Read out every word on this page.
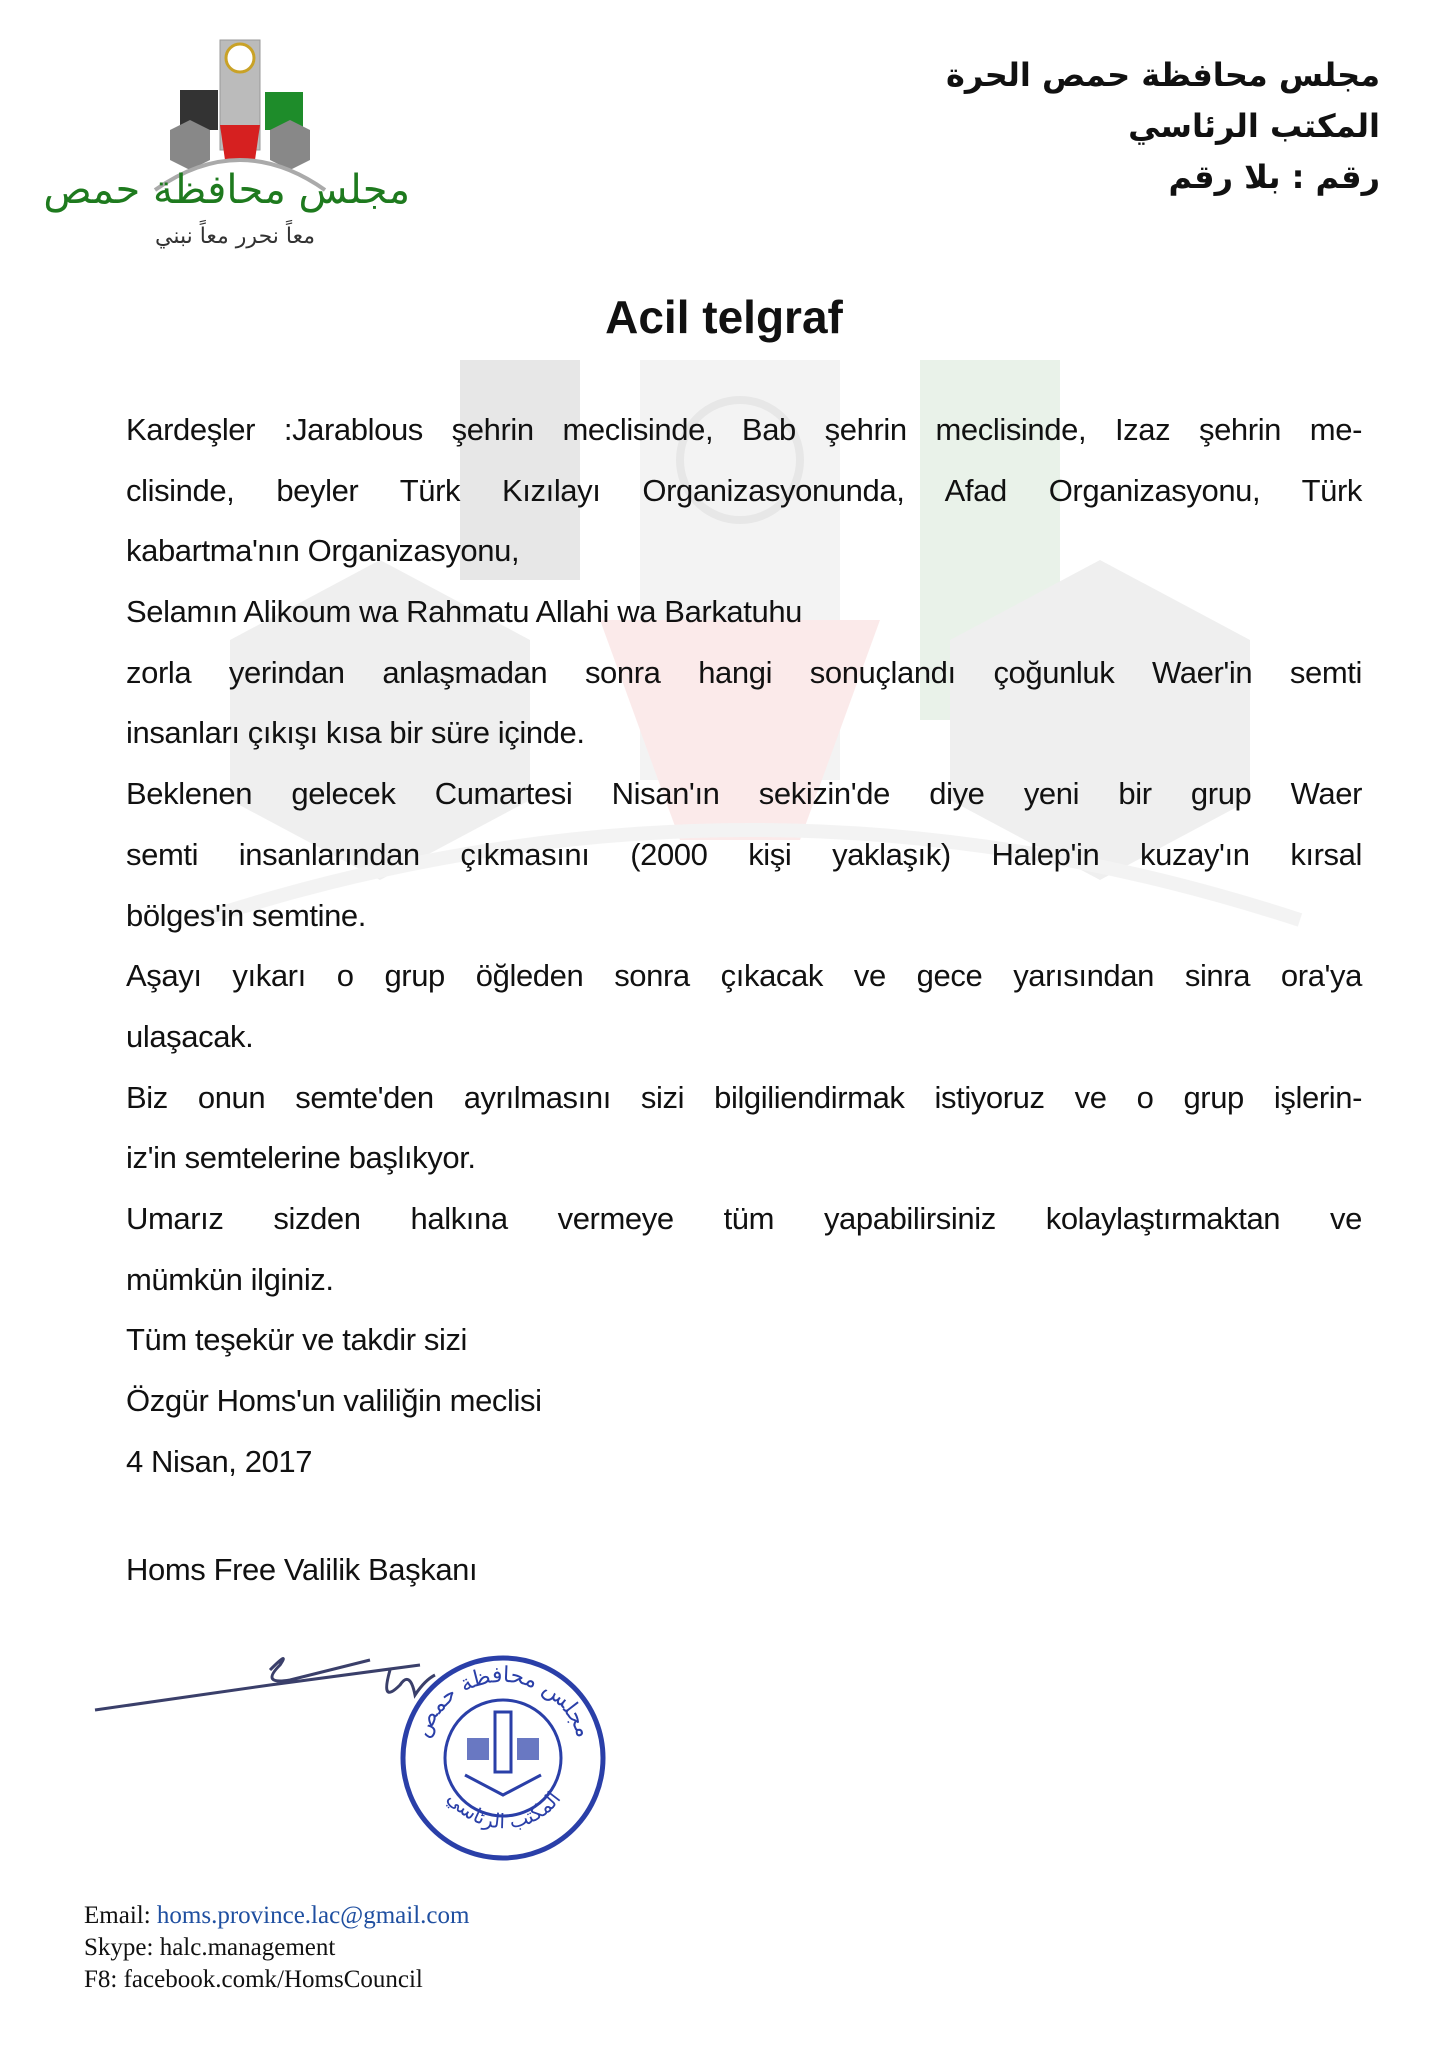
مجلس محافظة حمص
معاً نحرر معاً نبني
مجلس محافظة حمص الحرة
المكتب الرئاسي
رقم : بلا رقم
Acil telgraf
Kardeşler :Jarablous şehrin meclisinde, Bab şehrin meclisinde, Izaz şehrin me-
clisinde, beyler Türk Kızılayı Organizasyonunda, Afad Organizasyonu, Türk
kabartma'nın Organizasyonu,
Selamın Alikoum wa Rahmatu Allahi wa Barkatuhu
zorla yerindan anlaşmadan sonra hangi sonuçlandı çoğunluk Waer'in semti
insanları çıkışı kısa bir süre içinde.
Beklenen gelecek Cumartesi Nisan'ın sekizin'de diye yeni bir grup Waer
semti insanlarından çıkmasını (2000 kişi yaklaşık) Halep'in kuzay'ın kırsal
bölges'in semtine.
Aşayı yıkarı o grup öğleden sonra çıkacak ve gece yarısından sinra ora'ya
ulaşacak.
Biz onun semte'den ayrılmasını sizi bilgiliendirmak istiyoruz ve o grup işlerin-
iz'in semtelerine başlıkyor.
Umarız sizden halkına vermeye tüm yapabilirsiniz kolaylaştırmaktan ve
mümkün ilginiz.
Tüm teşekür ve takdir sizi
Özgür Homs'un valiliğin meclisi
4 Nisan, 2017
Homs Free Valilik Başkanı
مجلس محافظة حمص
المكتب الرئاسي
Email: homs.province.lac@gmail.com
Skype: halc.management
F8: facebook.comk/HomsCouncil
